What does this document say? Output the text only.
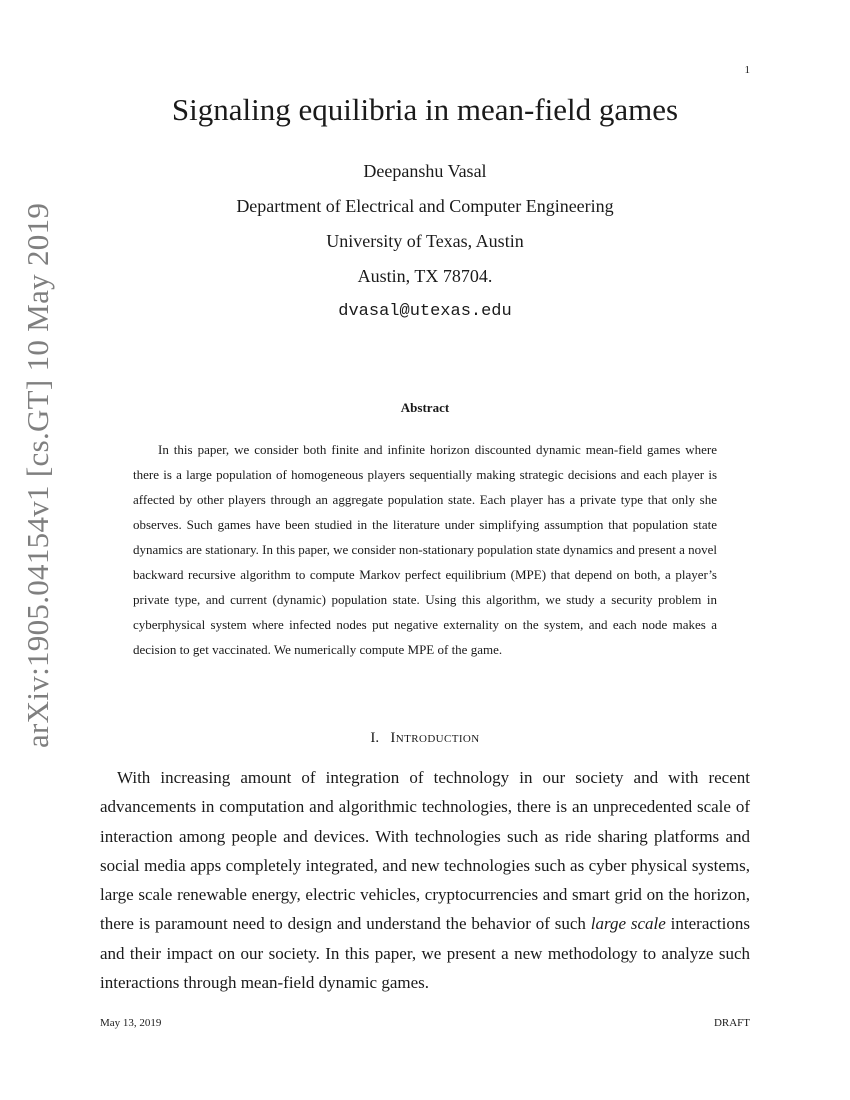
1
arXiv:1905.04154v1 [cs.GT] 10 May 2019
Signaling equilibria in mean-field games
Deepanshu Vasal
Department of Electrical and Computer Engineering
University of Texas, Austin
Austin, TX 78704.
dvasal@utexas.edu
Abstract

In this paper, we consider both finite and infinite horizon discounted dynamic mean-field games where there is a large population of homogeneous players sequentially making strategic decisions and each player is affected by other players through an aggregate population state. Each player has a private type that only she observes. Such games have been studied in the literature under simplifying assumption that population state dynamics are stationary. In this paper, we consider non-stationary population state dynamics and present a novel backward recursive algorithm to compute Markov perfect equilibrium (MPE) that depend on both, a player’s private type, and current (dynamic) population state. Using this algorithm, we study a security problem in cyberphysical system where infected nodes put negative externality on the system, and each node makes a decision to get vaccinated. We numerically compute MPE of the game.

I. Introduction

With increasing amount of integration of technology in our society and with recent advancements in computation and algorithmic technologies, there is an unprecedented scale of interaction among people and devices. With technologies such as ride sharing platforms and social media apps completely integrated, and new technologies such as cyber physical systems, large scale renewable energy, electric vehicles, cryptocurrencies and smart grid on the horizon, there is paramount need to design and understand the behavior of such large scale interactions and their impact on our society. In this paper, we present a new methodology to analyze such interactions through mean-field dynamic games.

May 13, 2019	DRAFT
